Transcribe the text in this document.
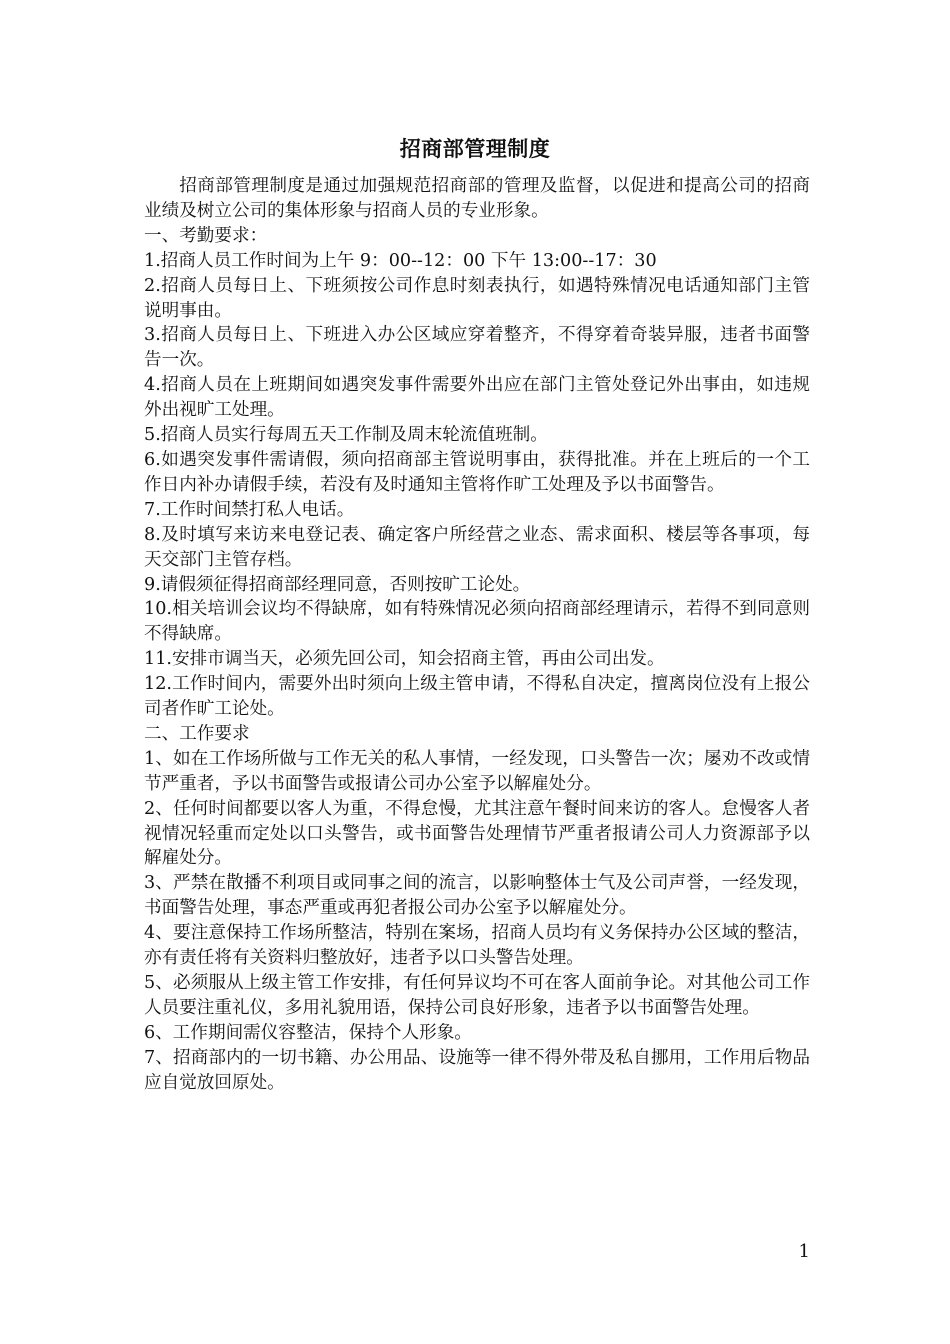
招商部管理制度

招商部管理制度是通过加强规范招商部的管理及监督，以促进和提高公司的招商业绩及树立公司的集体形象与招商人员的专业形象。

一、考勤要求：

1.招商人员工作时间为上午 9：00--12：00 下午 13:00--17：30

2.招商人员每日上、下班须按公司作息时刻表执行，如遇特殊情况电话通知部门主管说明事由。

3.招商人员每日上、下班进入办公区域应穿着整齐，不得穿着奇装异服，违者书面警告一次。

4.招商人员在上班期间如遇突发事件需要外出应在部门主管处登记外出事由，如违规外出视旷工处理。

5.招商人员实行每周五天工作制及周末轮流值班制。

6.如遇突发事件需请假，须向招商部主管说明事由，获得批准。并在上班后的一个工作日内补办请假手续，若没有及时通知主管将作旷工处理及予以书面警告。

7.工作时间禁打私人电话。

8.及时填写来访来电登记表、确定客户所经营之业态、需求面积、楼层等各事项，每天交部门主管存档。

9.请假须征得招商部经理同意，否则按旷工论处。

10.相关培训会议均不得缺席，如有特殊情况必须向招商部经理请示，若得不到同意则不得缺席。

11.安排市调当天，必须先回公司，知会招商主管，再由公司出发。

12.工作时间内，需要外出时须向上级主管申请，不得私自决定，擅离岗位没有上报公司者作旷工论处。

二、工作要求

1、如在工作场所做与工作无关的私人事情，一经发现，口头警告一次；屡劝不改或情节严重者，予以书面警告或报请公司办公室予以解雇处分。

2、任何时间都要以客人为重，不得怠慢，尤其注意午餐时间来访的客人。怠慢客人者视情况轻重而定处以口头警告，或书面警告处理情节严重者报请公司人力资源部予以解雇处分。

3、严禁在散播不利项目或同事之间的流言，以影响整体士气及公司声誉，一经发现，书面警告处理，事态严重或再犯者报公司办公室予以解雇处分。

4、要注意保持工作场所整洁，特别在案场，招商人员均有义务保持办公区域的整洁，亦有责任将有关资料归整放好，违者予以口头警告处理。

5、必须服从上级主管工作安排，有任何异议均不可在客人面前争论。对其他公司工作人员要注重礼仪，多用礼貌用语，保持公司良好形象，违者予以书面警告处理。

6、工作期间需仪容整洁，保持个人形象。

7、招商部内的一切书籍、办公用品、设施等一律不得外带及私自挪用，工作用后物品应自觉放回原处。

1
